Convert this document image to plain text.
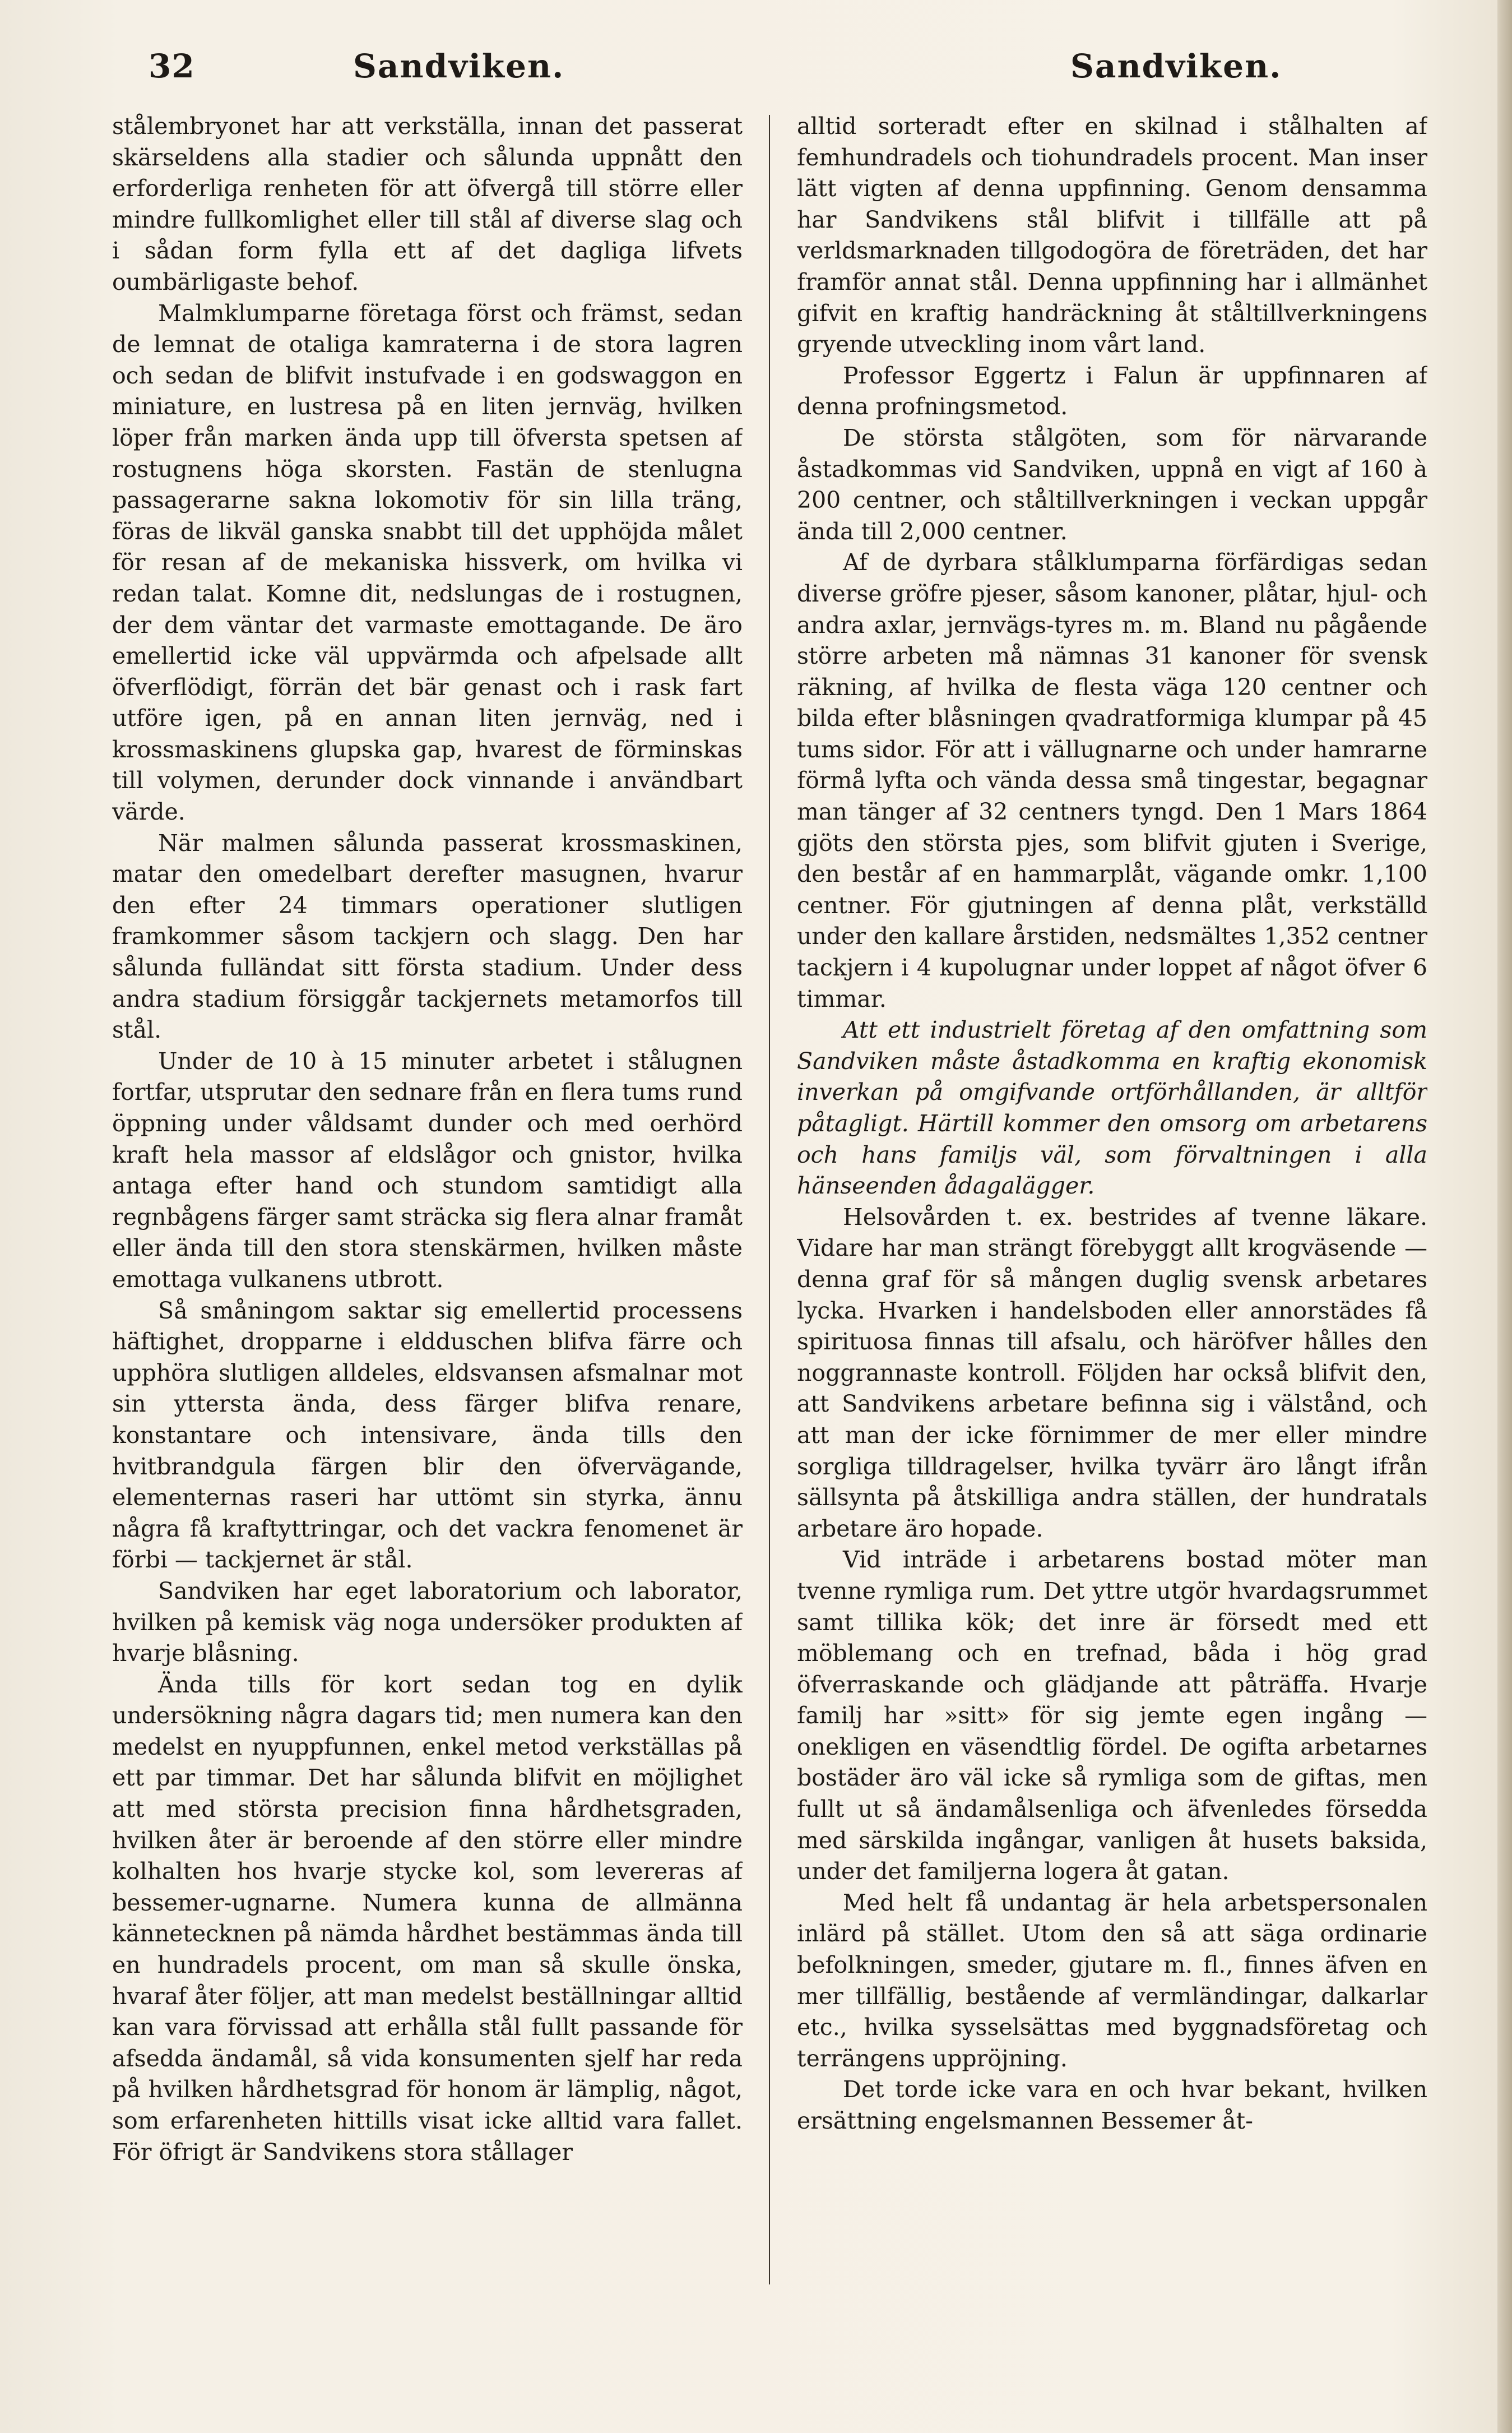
32	Sandviken.	Sandviken.

stålembryonet har att verkställa, innan det passerat skärseldens alla stadier och sålunda uppnått den erforderliga renheten för att öfvergå till större eller mindre fullkomlighet eller till stål af diverse slag och i sådan form fylla ett af det dagliga lifvets oumbärligaste behof.

Malmklumparne företaga först och främst, sedan de lemnat de otaliga kamraterna i de stora lagren och sedan de blifvit instufvade i en godswaggon en miniature, en lustresa på en liten jernväg, hvilken löper från marken ända upp till öfversta spetsen af rostugnens höga skorsten. Fastän de stenlugna passagerarne sakna lokomotiv för sin lilla träng, föras de likväl ganska snabbt till det upphöjda målet för resan af de mekaniska hissverk, om hvilka vi redan talat. Komne dit, nedslungas de i rostugnen, der dem väntar det varmaste emottagande. De äro emellertid icke väl uppvärmda och afpelsade allt öfverflödigt, förrän det bär genast och i rask fart utföre igen, på en annan liten jernväg, ned i krossmaskinens glupska gap, hvarest de förminskas till volymen, derunder dock vinnande i användbart värde.

När malmen sålunda passerat krossmaskinen, matar den omedelbart derefter masugnen, hvarur den efter 24 timmars operationer slutligen framkommer såsom tackjern och slagg. Den har sålunda fulländat sitt första stadium. Under dess andra stadium försiggår tackjernets metamorfos till stål.

Under de 10 à 15 minuter arbetet i stålugnen fortfar, utsprutar den sednare från en flera tums rund öppning under våldsamt dunder och med oerhörd kraft hela massor af eldslågor och gnistor, hvilka antaga efter hand och stundom samtidigt alla regnbågens färger samt sträcka sig flera alnar framåt eller ända till den stora stenskärmen, hvilken måste emottaga vulkanens utbrott.

Så småningom saktar sig emellertid processens häftighet, dropparne i eldduschen blifva färre och upphöra slutligen alldeles, eldsvansen afsmalnar mot sin yttersta ända, dess färger blifva renare, konstantare och intensivare, ända tills den hvitbrandgula färgen blir den öfvervägande, elementernas raseri har uttömt sin styrka, ännu några få kraftyttringar, och det vackra fenomenet är förbi — tackjernet är stål.

Sandviken har eget laboratorium och laborator, hvilken på kemisk väg noga undersöker produkten af hvarje blåsning.

Ända tills för kort sedan tog en dylik undersökning några dagars tid; men numera kan den medelst en nyuppfunnen, enkel metod verkställas på ett par timmar. Det har sålunda blifvit en möjlighet att med största precision finna hårdhetsgraden, hvilken åter är beroende af den större eller mindre kolhalten hos hvarje stycke kol, som levereras af bessemer-ugnarne. Numera kunna de allmänna kännetecknen på nämda hårdhet bestämmas ända till en hundradels procent, om man så skulle önska, hvaraf åter följer, att man medelst beställningar alltid kan vara förvissad att erhålla stål fullt passande för afsedda ändamål, så vida konsumenten sjelf har reda på hvilken hårdhetsgrad för honom är lämplig, något, som erfarenheten hittills visat icke alltid vara fallet. För öfrigt är Sandvikens stora stållager

alltid sorteradt efter en skilnad i stålhalten af femhundradels och tiohundradels procent. Man inser lätt vigten af denna uppfinning. Genom densamma har Sandvikens stål blifvit i tillfälle att på verldsmarknaden tillgodogöra de företräden, det har framför annat stål. Denna uppfinning har i allmänhet gifvit en kraftig handräckning åt ståltillverkningens gryende utveckling inom vårt land.

Professor Eggertz i Falun är uppfinnaren af denna profningsmetod.

De största stålgöten, som för närvarande åstadkommas vid Sandviken, uppnå en vigt af 160 à 200 centner, och ståltillverkningen i veckan uppgår ända till 2,000 centner.

Af de dyrbara stålklumparna förfärdigas sedan diverse gröfre pjeser, såsom kanoner, plåtar, hjul- och andra axlar, jernvägs-tyres m. m. Bland nu pågående större arbeten må nämnas 31 kanoner för svensk räkning, af hvilka de flesta väga 120 centner och bilda efter blåsningen qvadratformiga klumpar på 45 tums sidor. För att i vällugnarne och under hamrarne förmå lyfta och vända dessa små tingestar, begagnar man tänger af 32 centners tyngd. Den 1 Mars 1864 gjöts den största pjes, som blifvit gjuten i Sverige, den består af en hammarplåt, vägande omkr. 1,100 centner. För gjutningen af denna plåt, verkställd under den kallare årstiden, nedsmältes 1,352 centner tackjern i 4 kupolugnar under loppet af något öfver 6 timmar.

Att ett industrielt företag af den omfattning som Sandviken måste åstadkomma en kraftig ekonomisk inverkan på omgifvande ortförhållanden, är alltför påtagligt. Härtill kommer den omsorg om arbetarens och hans familjs väl, som förvaltningen i alla hänseenden ådagalägger.

Helsovården t. ex. bestrides af tvenne läkare. Vidare har man strängt förebyggt allt krogväsende — denna graf för så mången duglig svensk arbetares lycka. Hvarken i handelsboden eller annorstädes få spirituosa finnas till afsalu, och häröfver hålles den noggrannaste kontroll. Följden har också blifvit den, att Sandvikens arbetare befinna sig i välstånd, och att man der icke förnimmer de mer eller mindre sorgliga tilldragelser, hvilka tyvärr äro långt ifrån sällsynta på åtskilliga andra ställen, der hundratals arbetare äro hopade.

Vid inträde i arbetarens bostad möter man tvenne rymliga rum. Det yttre utgör hvardagsrummet samt tillika kök; det inre är försedt med ett möblemang och en trefnad, båda i hög grad öfverraskande och glädjande att påträffa. Hvarje familj har »sitt» för sig jemte egen ingång — onekligen en väsendtlig fördel. De ogifta arbetarnes bostäder äro väl icke så rymliga som de giftas, men fullt ut så ändamålsenliga och äfvenledes försedda med särskilda ingångar, vanligen åt husets baksida, under det familjerna logera åt gatan.

Med helt få undantag är hela arbetspersonalen inlärd på stället. Utom den så att säga ordinarie befolkningen, smeder, gjutare m. fl., finnes äfven en mer tillfällig, bestående af vermländingar, dalkarlar etc., hvilka sysselsättas med byggnadsföretag och terrängens uppröjning.

Det torde icke vara en och hvar bekant, hvilken ersättning engelsmannen Bessemer åt-
